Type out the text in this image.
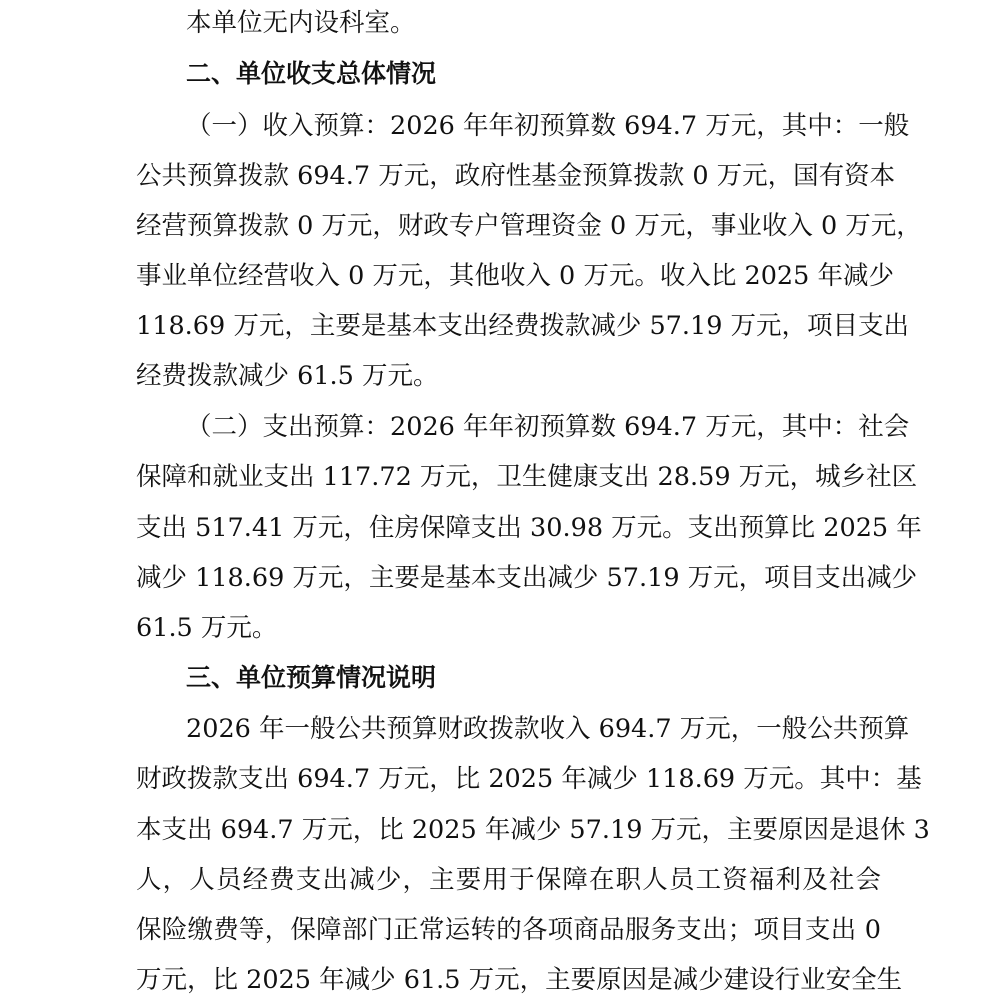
本单位无内设科室。
二、单位收支总体情况
（一）收入预算：2026 年年初预算数 694.7 万元，其中：一般
公共预算拨款 694.7 万元，政府性基金预算拨款 0 万元，国有资本
经营预算拨款 0 万元，财政专户管理资金 0 万元，事业收入 0 万元，
事业单位经营收入 0 万元，其他收入 0 万元。收入比 2025 年减少
118.69 万元，主要是基本支出经费拨款减少 57.19 万元，项目支出
经费拨款减少 61.5 万元。
（二）支出预算：2026 年年初预算数 694.7 万元，其中：社会
保障和就业支出 117.72 万元，卫生健康支出 28.59 万元，城乡社区
支出 517.41 万元，住房保障支出 30.98 万元。支出预算比 2025 年
减少 118.69 万元，主要是基本支出减少 57.19 万元，项目支出减少
61.5 万元。
三、单位预算情况说明
2026 年一般公共预算财政拨款收入 694.7 万元，一般公共预算
财政拨款支出 694.7 万元，比 2025 年减少 118.69 万元。其中：基
本支出 694.7 万元，比 2025 年减少 57.19 万元，主要原因是退休 3
人，人员经费支出减少，主要用于保障在职人员工资福利及社会
保险缴费等，保障部门正常运转的各项商品服务支出；项目支出 0
万元，比 2025 年减少 61.5 万元，主要原因是减少建设行业安全生
